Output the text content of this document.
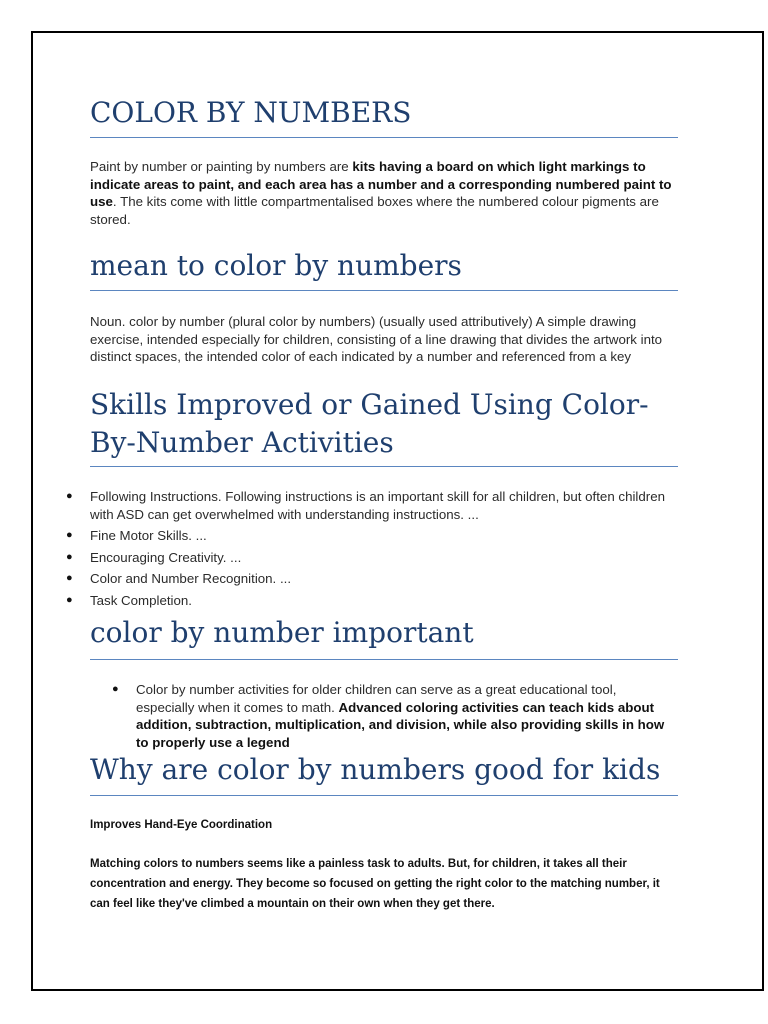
COLOR BY NUMBERS

Paint by number or painting by numbers are kits having a board on which light markings to indicate areas to paint, and each area has a number and a corresponding numbered paint to use. The kits come with little compartmentalised boxes where the numbered colour pigments are stored.

mean to color by numbers

Noun. color by number (plural color by numbers) (usually used attributively) A simple drawing exercise, intended especially for children, consisting of a line drawing that divides the artwork into distinct spaces, the intended color of each indicated by a number and referenced from a key

Skills Improved or Gained Using Color-By-Number Activities
● Following Instructions. Following instructions is an important skill for all children, but often children with ASD can get overwhelmed with understanding instructions. ...
● Fine Motor Skills. ...
● Encouraging Creativity. ...
● Color and Number Recognition. ...
● Task Completion.
color by number important
● Color by number activities for older children can serve as a great educational tool, especially when it comes to math. Advanced coloring activities can teach kids about addition, subtraction, multiplication, and division, while also providing skills in how to properly use a legend
Why are color by numbers good for kids

Improves Hand-Eye Coordination

Matching colors to numbers seems like a painless task to adults. But, for children, it takes all their concentration and energy. They become so focused on getting the right color to the matching number, it can feel like they've climbed a mountain on their own when they get there.
